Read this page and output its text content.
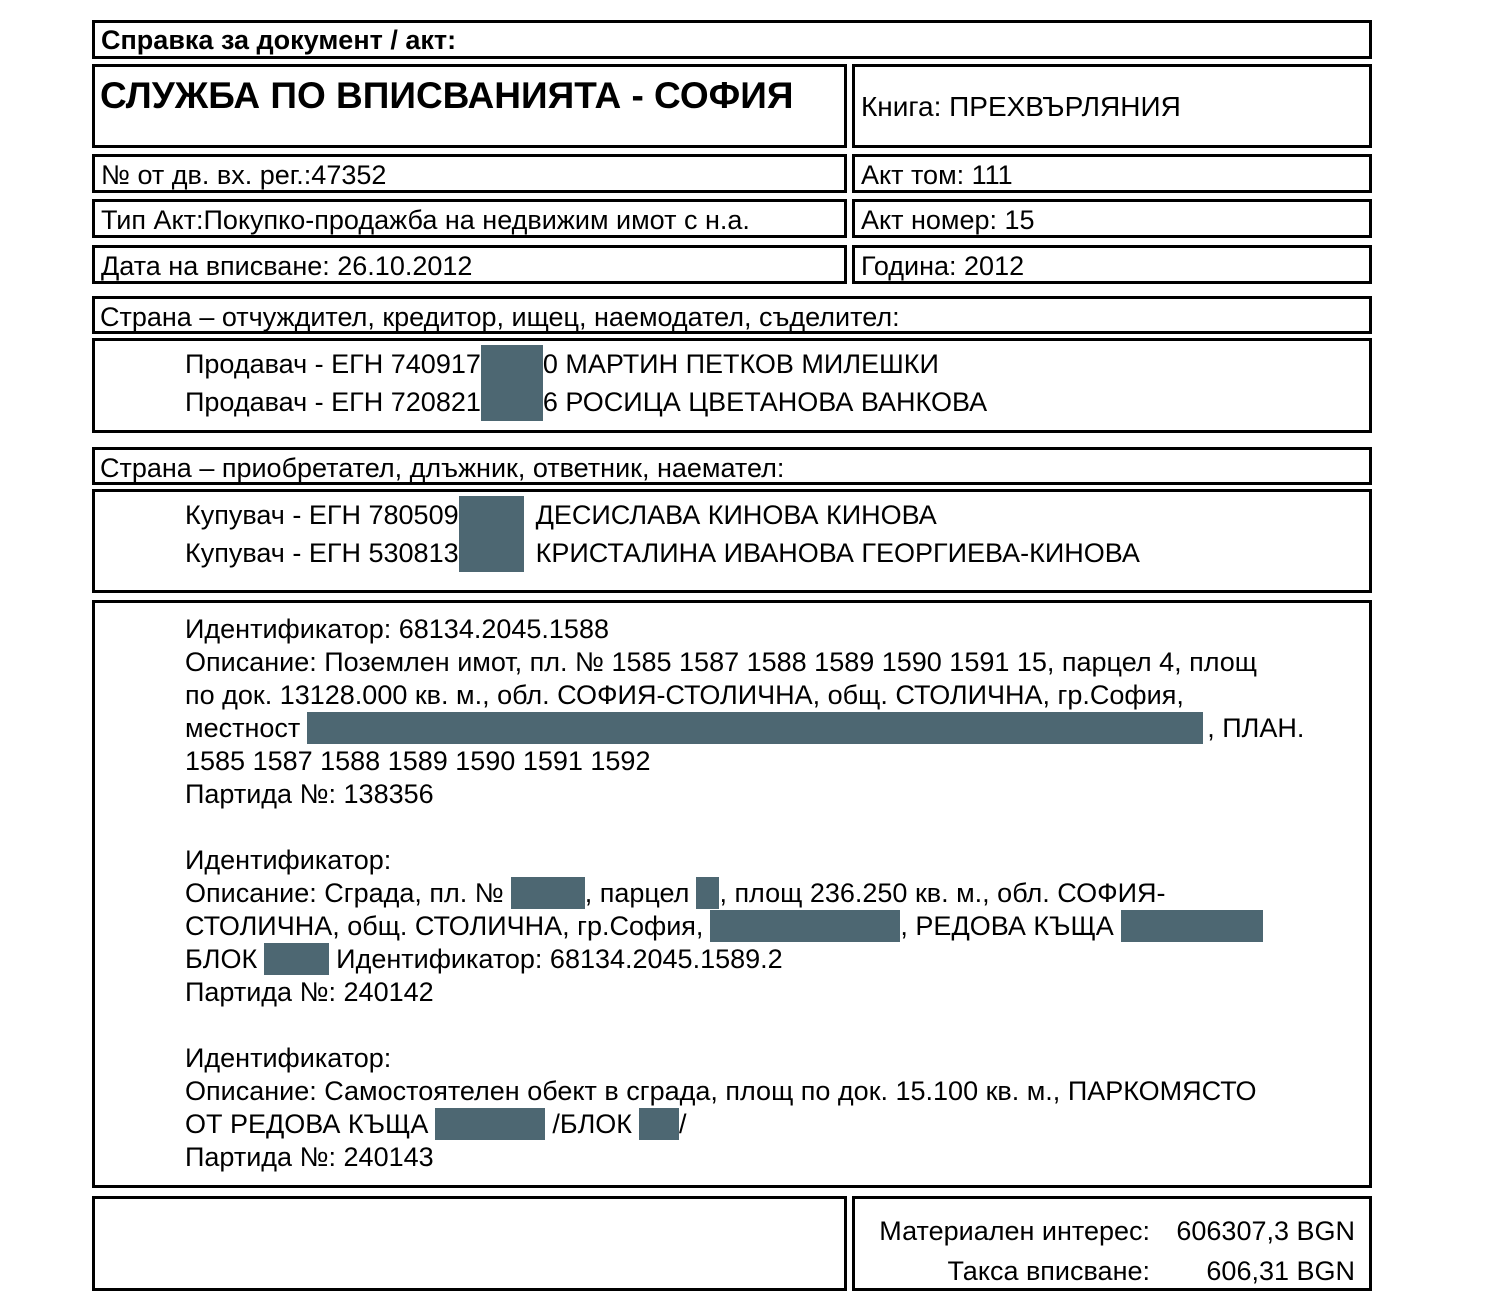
Справка за документ / акт:
СЛУЖБА ПО ВПИСВАНИЯТА - СОФИЯ	Книга: ПРЕХВЪРЛЯНИЯ
№ от дв. вх. рег.:47352	Акт том: 111
Тип Акт:Покупко-продажба на недвижим имот с н.а.	Акт номер: 15
Дата на вписване: 26.10.2012	Година: 2012
Страна – отчуждител, кредитор, ищец, наемодател, съделител:
Продавач - ЕГН 740917 0 МАРТИН ПЕТКОВ МИЛЕШКИ
Продавач - ЕГН 720821 6 РОСИЦА ЦВЕТАНОВА ВАНКОВА
Страна – приобретател, длъжник, ответник, наемател:
Купувач - ЕГН 780509	ДЕСИСЛАВА КИНОВА КИНОВА
Купувач - ЕГН 530813	КРИСТАЛИНА ИВАНОВА ГЕОРГИЕВА-КИНОВА
Идентификатор: 68134.2045.1588
Описание: Поземлен имот, пл. № 1585 1587 1588 1589 1590 1591 15, парцел 4, площ
по док. 13128.000 кв. м., обл. СОФИЯ-СТОЛИЧНА, общ. СТОЛИЧНА, гр.София,
местност	, ПЛАН.
1585 1587 1588 1589 1590 1591 1592
Партида №: 138356
Идентификатор:
Описание: Сграда, пл. №	, парцел , площ 236.250 кв. м., обл. СОФИЯ-
СТОЛИЧНА, общ. СТОЛИЧНА, гр.София,	, РЕДОВА КЪЩА
БЛОК	Идентификатор: 68134.2045.1589.2
Партида №: 240142
Идентификатор:
Описание: Самостоятелен обект в сграда, площ по док. 15.100 кв. м., ПАРКОМЯСТО
ОТ РЕДОВА КЪЩА	/БЛОК /
Партида №: 240143
Материален интерес: 606307,3 BGN
Такса вписване:	606,31 BGN
